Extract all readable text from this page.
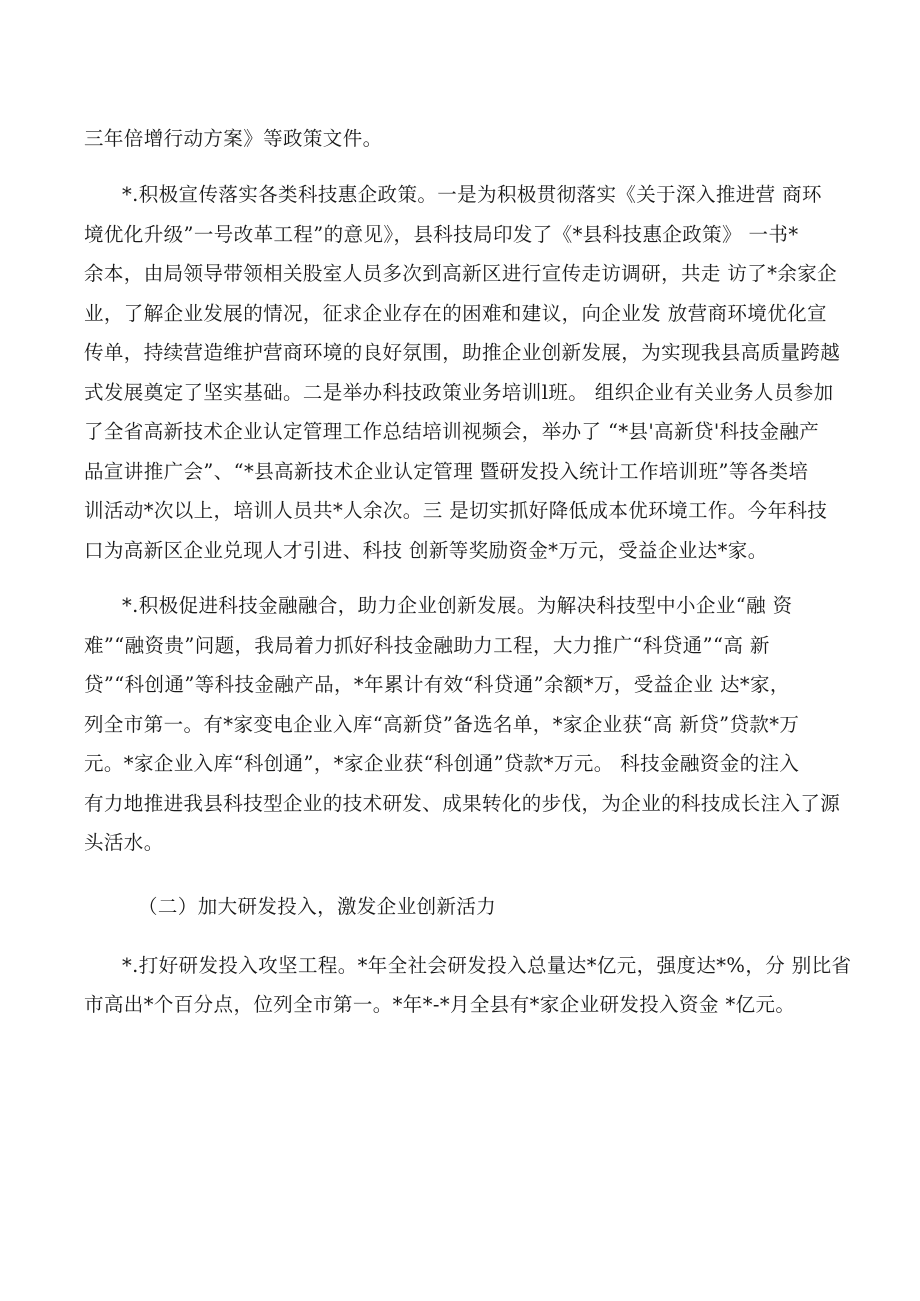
三年倍增行动方案》等政策文件。
*.积极宣传落实各类科技惠企政策。一是为积极贯彻落实《关于深入推进营 商环
境优化升级”一号改革工程”的意见》，县科技局印发了《*县科技惠企政策》 一书*
余本，由局领导带领相关股室人员多次到高新区进行宣传走访调研，共走 访了*余家企
业，了解企业发展的情况，征求企业存在的困难和建议，向企业发 放营商环境优化宣
传单，持续营造维护营商环境的良好氛围，助推企业创新发展，为实现我县高质量跨越
式发展奠定了坚实基础。二是举办科技政策业务培训l班。 组织企业有关业务人员参加
了全省高新技术企业认定管理工作总结培训视频会，举办了 “*县'高新贷'科技金融产
品宣讲推广会”、“*县高新技术企业认定管理 暨研发投入统计工作培训班”等各类培
训活动*次以上，培训人员共*人余次。三 是切实抓好降低成本优环境工作。今年科技
口为高新区企业兑现人才引进、科技 创新等奖励资金*万元，受益企业达*家。
*.积极促进科技金融融合，助力企业创新发展。为解决科技型中小企业“融 资
难”“融资贵”问题，我局着力抓好科技金融助力工程，大力推广“科贷通”“高 新
贷”“科创通”等科技金融产品，*年累计有效“科贷通”余额*万，受益企业 达*家，
列全市第一。有*家变电企业入库“高新贷”备选名单，*家企业获“高 新贷”贷款*万
元。*家企业入库“科创通”，*家企业获“科创通”贷款*万元。 科技金融资金的注入
有力地推进我县科技型企业的技术研发、成果转化的步伐，为企业的科技成长注入了源
头活水。
（二）加大研发投入，激发企业创新活力
*.打好研发投入攻坚工程。*年全社会研发投入总量达*亿元，强度达*%，分 别比省
市高出*个百分点，位列全市第一。*年*-*月全县有*家企业研发投入资金 *亿元。
